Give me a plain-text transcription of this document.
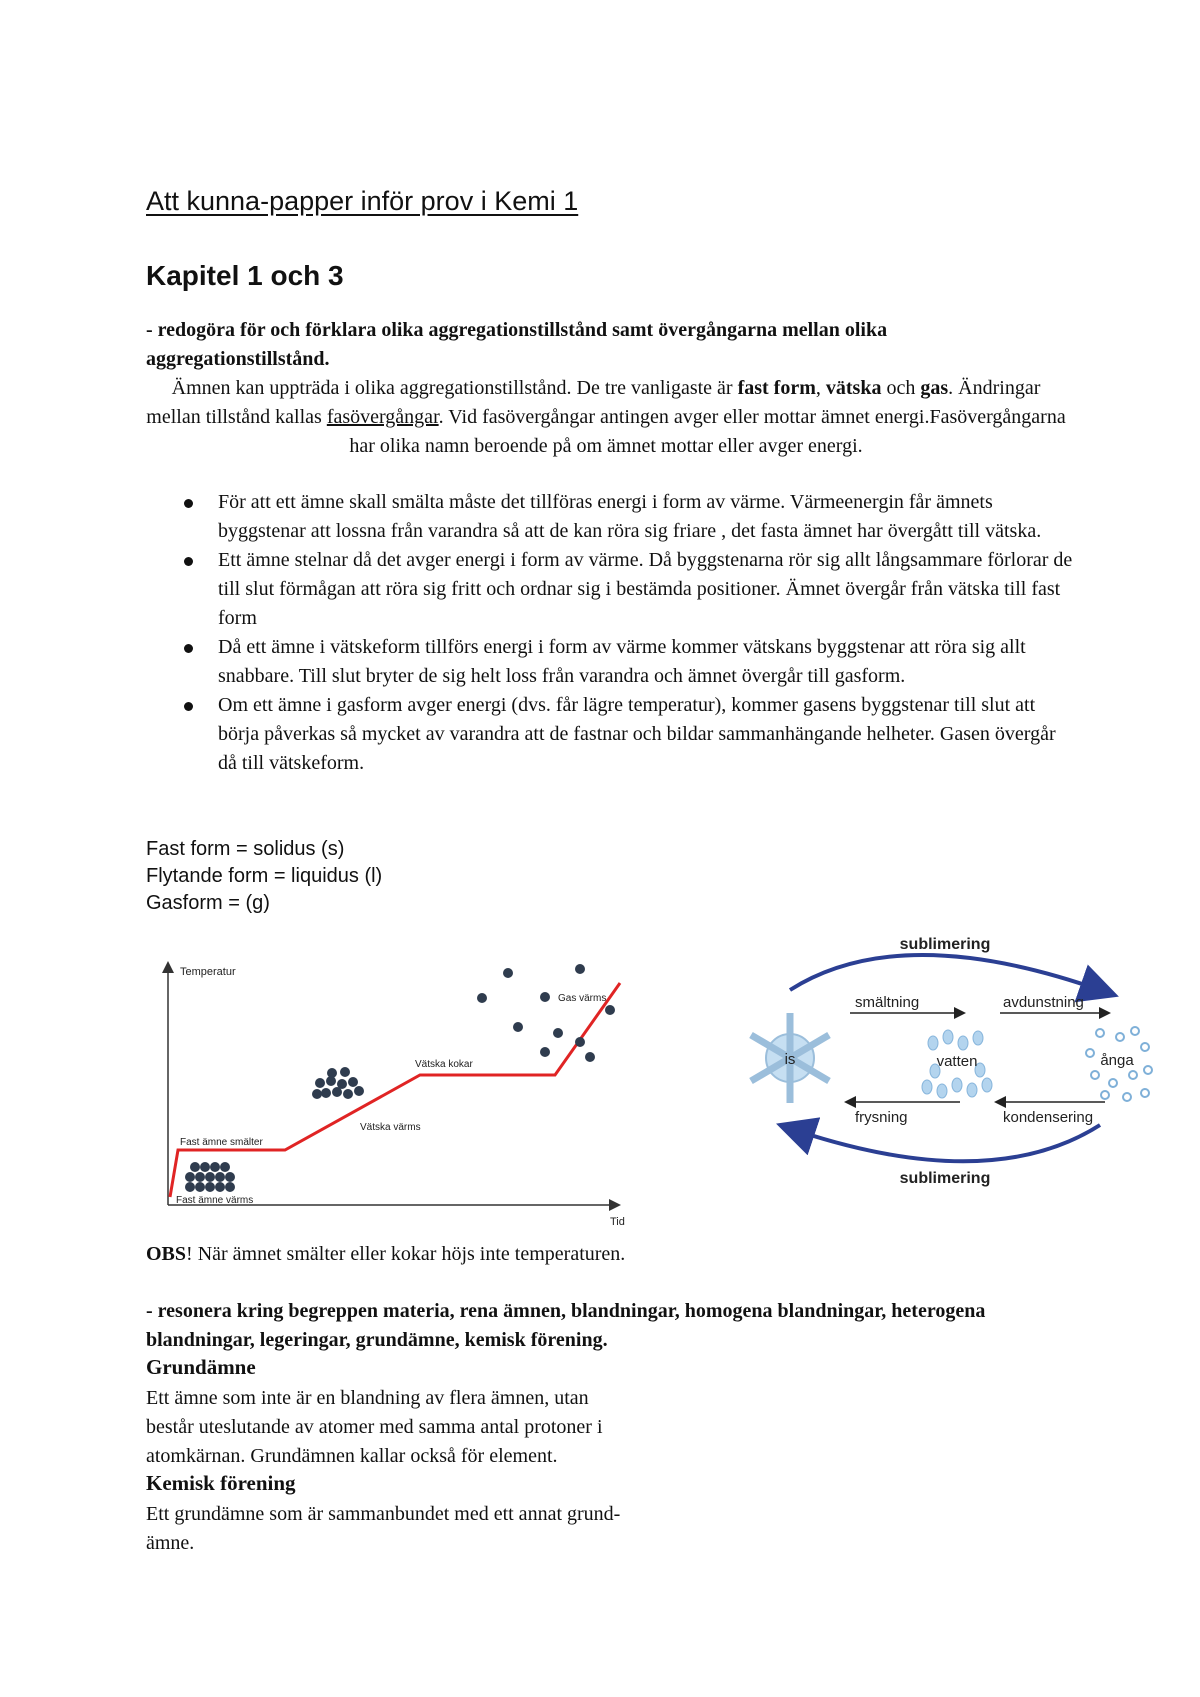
Att kunna-papper inför prov i Kemi 1
Kapitel 1 och 3
- redogöra för och förklara olika aggregationstillstånd samt övergångarna mellan olika aggregationstillstånd.
Ämnen kan uppträda i olika aggregationstillstånd. De tre vanligaste är fast form, vätska och gas. Ändringar mellan tillstånd kallas fasövergångar. Vid fasövergångar antingen avger eller mottar ämnet energi.Fasövergångarna har olika namn beroende på om ämnet mottar eller avger energi.
För att ett ämne skall smälta måste det tillföras energi i form av värme. Värmeenergin får ämnets byggstenar att lossna från varandra så att de kan röra sig friare , det fasta ämnet har övergått till vätska.
Ett ämne stelnar då det avger energi i form av värme. Då byggstenarna rör sig allt långsammare förlorar de till slut förmågan att röra sig fritt och ordnar sig i bestämda positioner. Ämnet övergår från vätska till fast form
Då ett ämne i vätskeform tillförs energi i form av värme kommer vätskans byggstenar att röra sig allt snabbare. Till slut bryter de sig helt loss från varandra och ämnet övergår till gasform.
Om ett ämne i gasform avger energi (dvs. får lägre temperatur), kommer gasens byggstenar till slut att börja påverkas så mycket av varandra att de fastnar och bildar sammanhängande helheter. Gasen övergår då till vätskeform.
Fast form = solidus (s)
Flytande form = liquidus (l)
Gasform = (g)
Temperatur
Tid
Fast ämne värms
Fast ämne smälter
Vätska värms
Vätska kokar
Gas värms
sublimering
sublimering
smältning	avdunstning
frysning	kondensering
is	vatten	ånga
OBS! När ämnet smälter eller kokar höjs inte temperaturen.
- resonera kring begreppen materia, rena ämnen, blandningar, homogena blandningar, heterogena blandningar, legeringar, grundämne, kemisk förening.
Grundämne
Ett ämne som inte är en blandning av flera ämnen, utan
består uteslutande av atomer med samma antal protoner i
atomkärnan. Grundämnen kallar också för element.
Kemisk förening
Ett grundämne som är sammanbundet med ett annat grund-
ämne.
